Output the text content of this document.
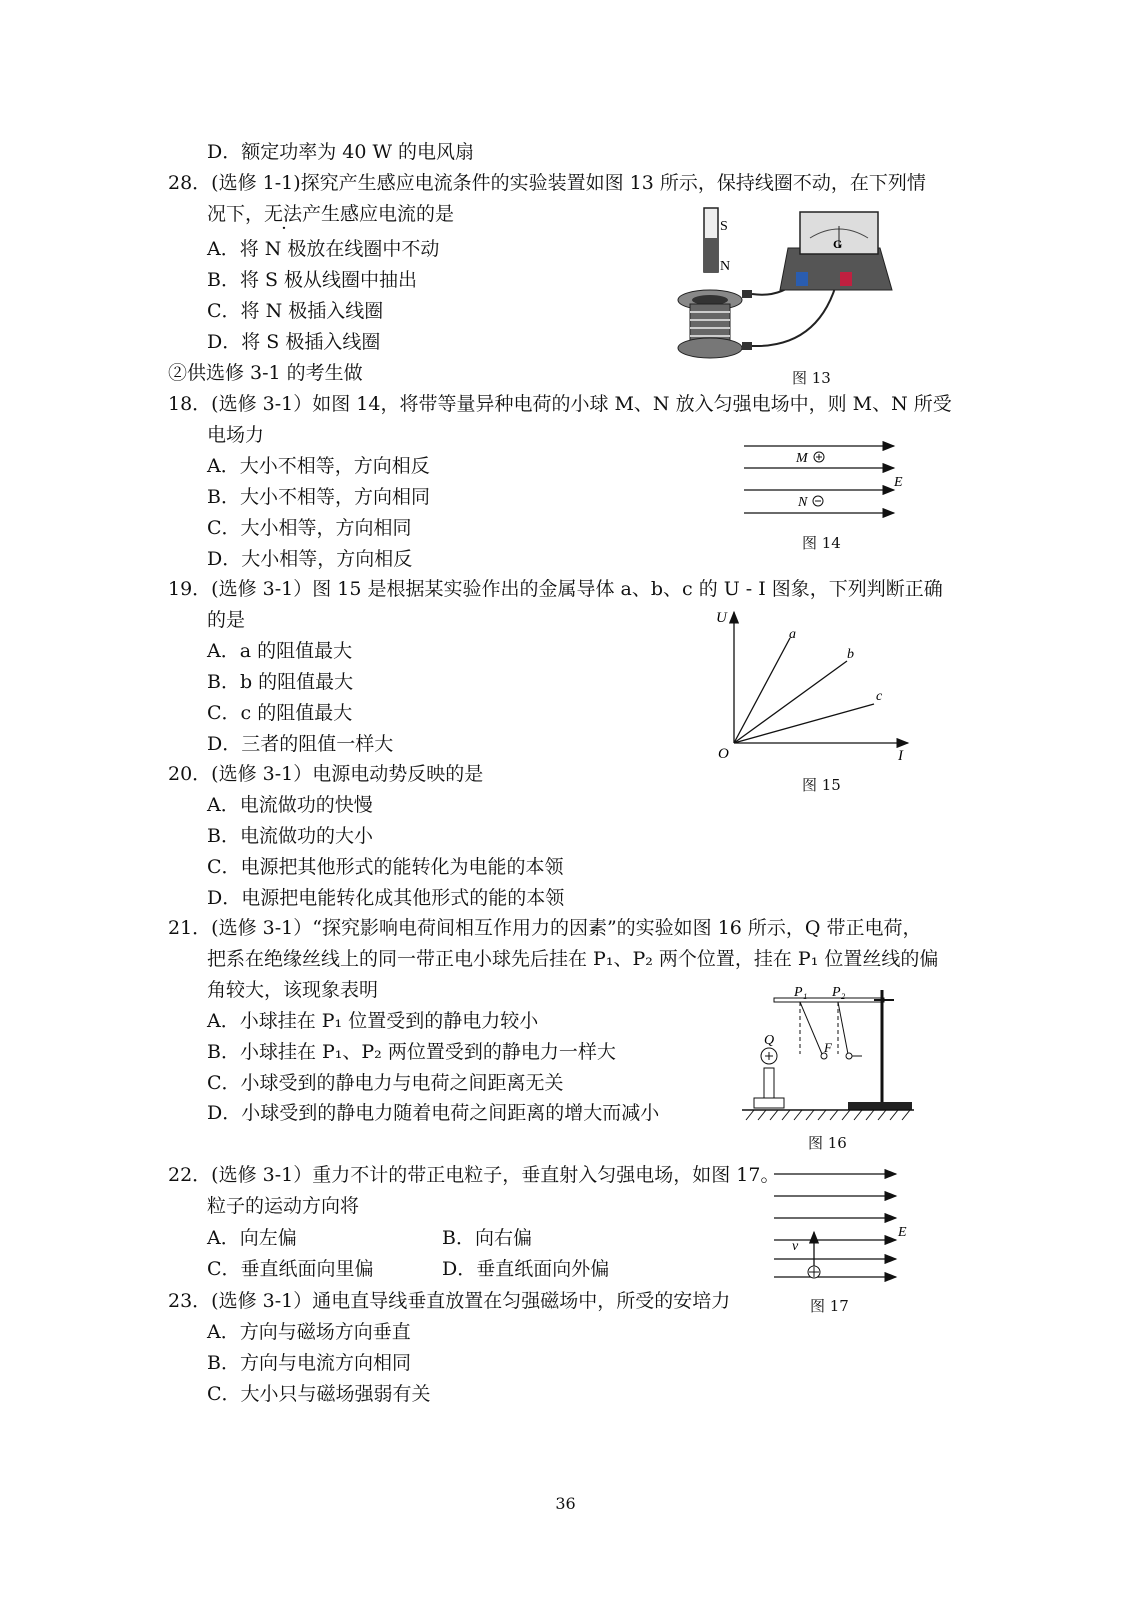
D．额定功率为 40 W 的电风扇
28．(选修 1-1)探究产生感应电流条件的实验装置如图 13 所示，保持线圈不动，在下列情
况下，无法产生感应电流的是
A．将 N 极放在线圈中不动
B．将 S 极从线圈中抽出
C．将 N 极插入线圈
D．将 S 极插入线圈
②供选修 3-1 的考生做
18．(选修 3-1）如图 14，将带等量异种电荷的小球 M、N 放入匀强电场中，则 M、N 所受
电场力
A．大小不相等，方向相反
B．大小不相等，方向相同
C．大小相等，方向相同
D．大小相等，方向相反
19．(选修 3-1）图 15 是根据某实验作出的金属导体 a、b、c 的 U - I 图象，下列判断正确
的是
A．a 的阻值最大
B．b 的阻值最大
C．c 的阻值最大
D．三者的阻值一样大
20．(选修 3-1）电源电动势反映的是
A．电流做功的快慢
B．电流做功的大小
C．电源把其他形式的能转化为电能的本领
D．电源把电能转化成其他形式的能的本领
21．(选修 3-1）“探究影响电荷间相互作用力的因素”的实验如图 16 所示，Q 带正电荷，
把系在绝缘丝线上的同一带正电小球先后挂在 P₁、P₂ 两个位置，挂在 P₁ 位置丝线的偏
角较大，该现象表明
A．小球挂在 P₁ 位置受到的静电力较小
B．小球挂在 P₁、P₂ 两位置受到的静电力一样大
C．小球受到的静电力与电荷之间距离无关
D．小球受到的静电力随着电荷之间距离的增大而减小
22．(选修 3-1）重力不计的带正电粒子，垂直射入匀强电场，如图 17。
粒子的运动方向将
A．向左偏	B．向右偏
C．垂直纸面向里偏	D．垂直纸面向外偏
23．(选修 3-1）通电直导线垂直放置在匀强磁场中，所受的安培力
A．方向与磁场方向垂直
B．方向与电流方向相同
C．大小只与磁场强弱有关
S
N
G
图 13
M
N
E
图 14
U
I
O
a
b
c
图 15
P₁ P₂
Q	F
图 16
v
E
图 17
36
